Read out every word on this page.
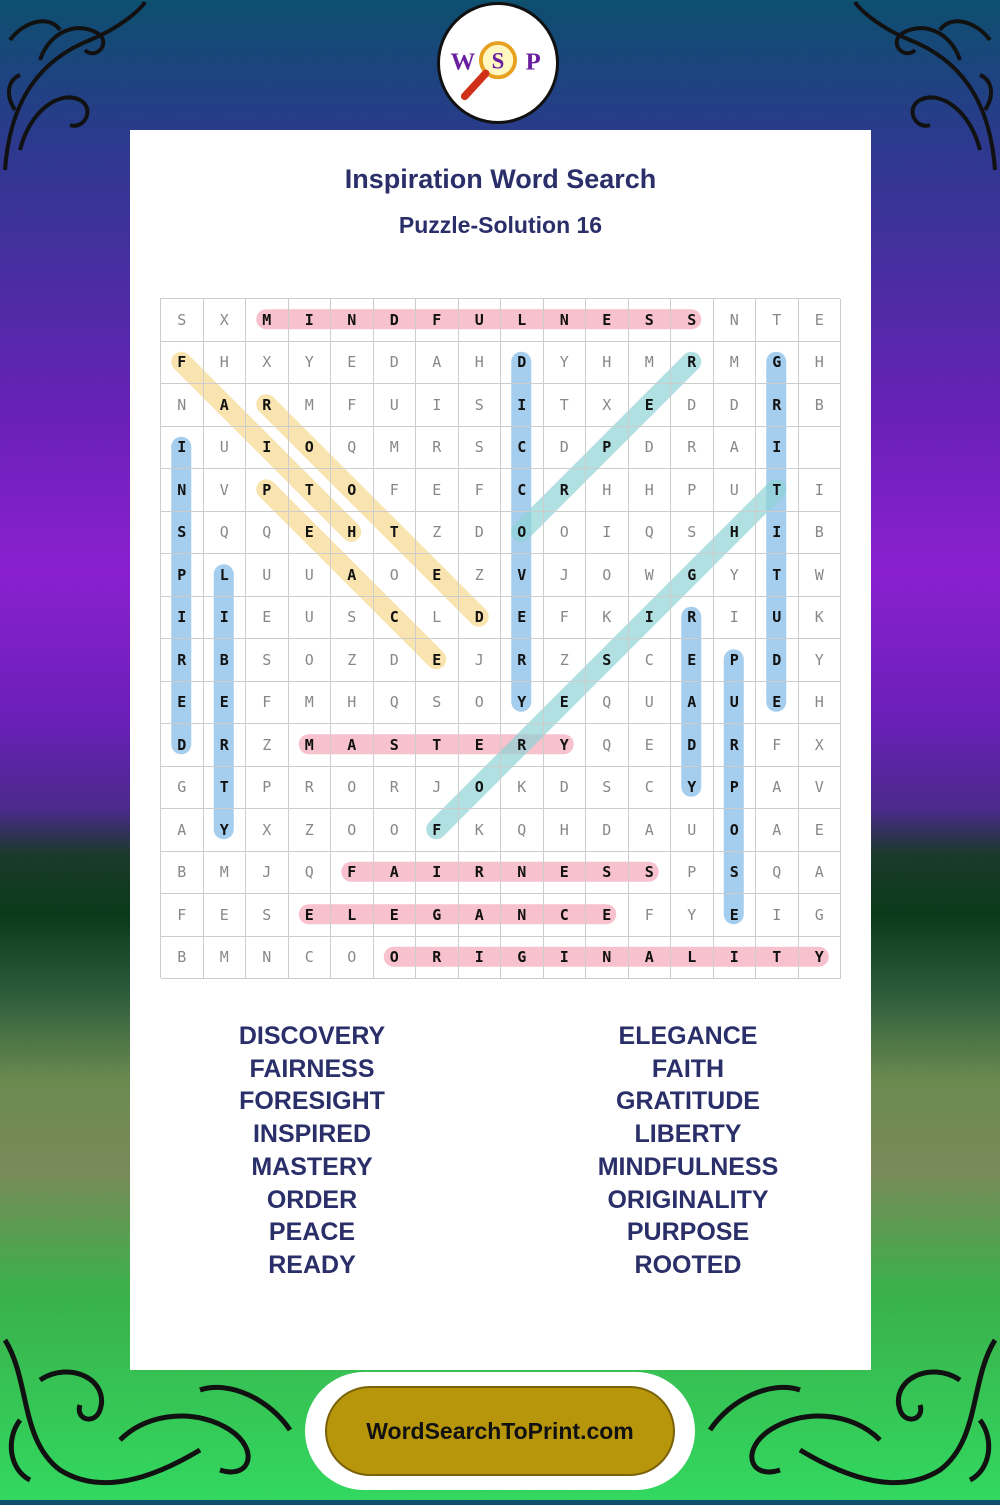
W S P
Inspiration Word Search
Puzzle-Solution 16
S	X	M	I	N	D	F	U	L	N	E	S	S	N	T	E
F	H	X	Y	E	D	A	H	D	Y	H	M	R	M	G	H
N	A	R	M	F	U	I	S	I	T	X	E	D	D	R	B
I	U	I	O	Q	M	R	S	C	D	P	D	R	A	I
N	V	P	T	O	F	E	F	C	R	H	H	P	U	T	I
S	Q	Q	E	H	T	Z	D	O	O	I	Q	S	H	I	B
P	L	U	U	A	O	E	Z	V	J	O	W	G	Y	T	W
I	I	E	U	S	C	L	D	E	F	K	I	R	I	U	K
R	B	S	O	Z	D	E	J	R	Z	S	C	E	P	D	Y
E	E	F	M	H	Q	S	O	Y	E	Q	U	A	U	E	H
D	R	Z	M	A	S	T	E	R	Y	Q	E	D	R	F	X
G	T	P	R	O	R	J	O	K	D	S	C	Y	P	A	V
A	Y	X	Z	O	O	F	K	Q	H	D	A	U	O	A	E
B	M	J	Q	F	A	I	R	N	E	S	S	P	S	Q	A
F	E	S	E	L	E	G	A	N	C	E	F	Y	E	I	G
B	M	N	C	O	O	R	I	G	I	N	A	L	I	T	Y
DISCOVERY
FAIRNESS
FORESIGHT
INSPIRED
MASTERY
ORDER
PEACE
READY
ELEGANCE
FAITH
GRATITUDE
LIBERTY
MINDFULNESS
ORIGINALITY
PURPOSE
ROOTED
WordSearchToPrint.com
